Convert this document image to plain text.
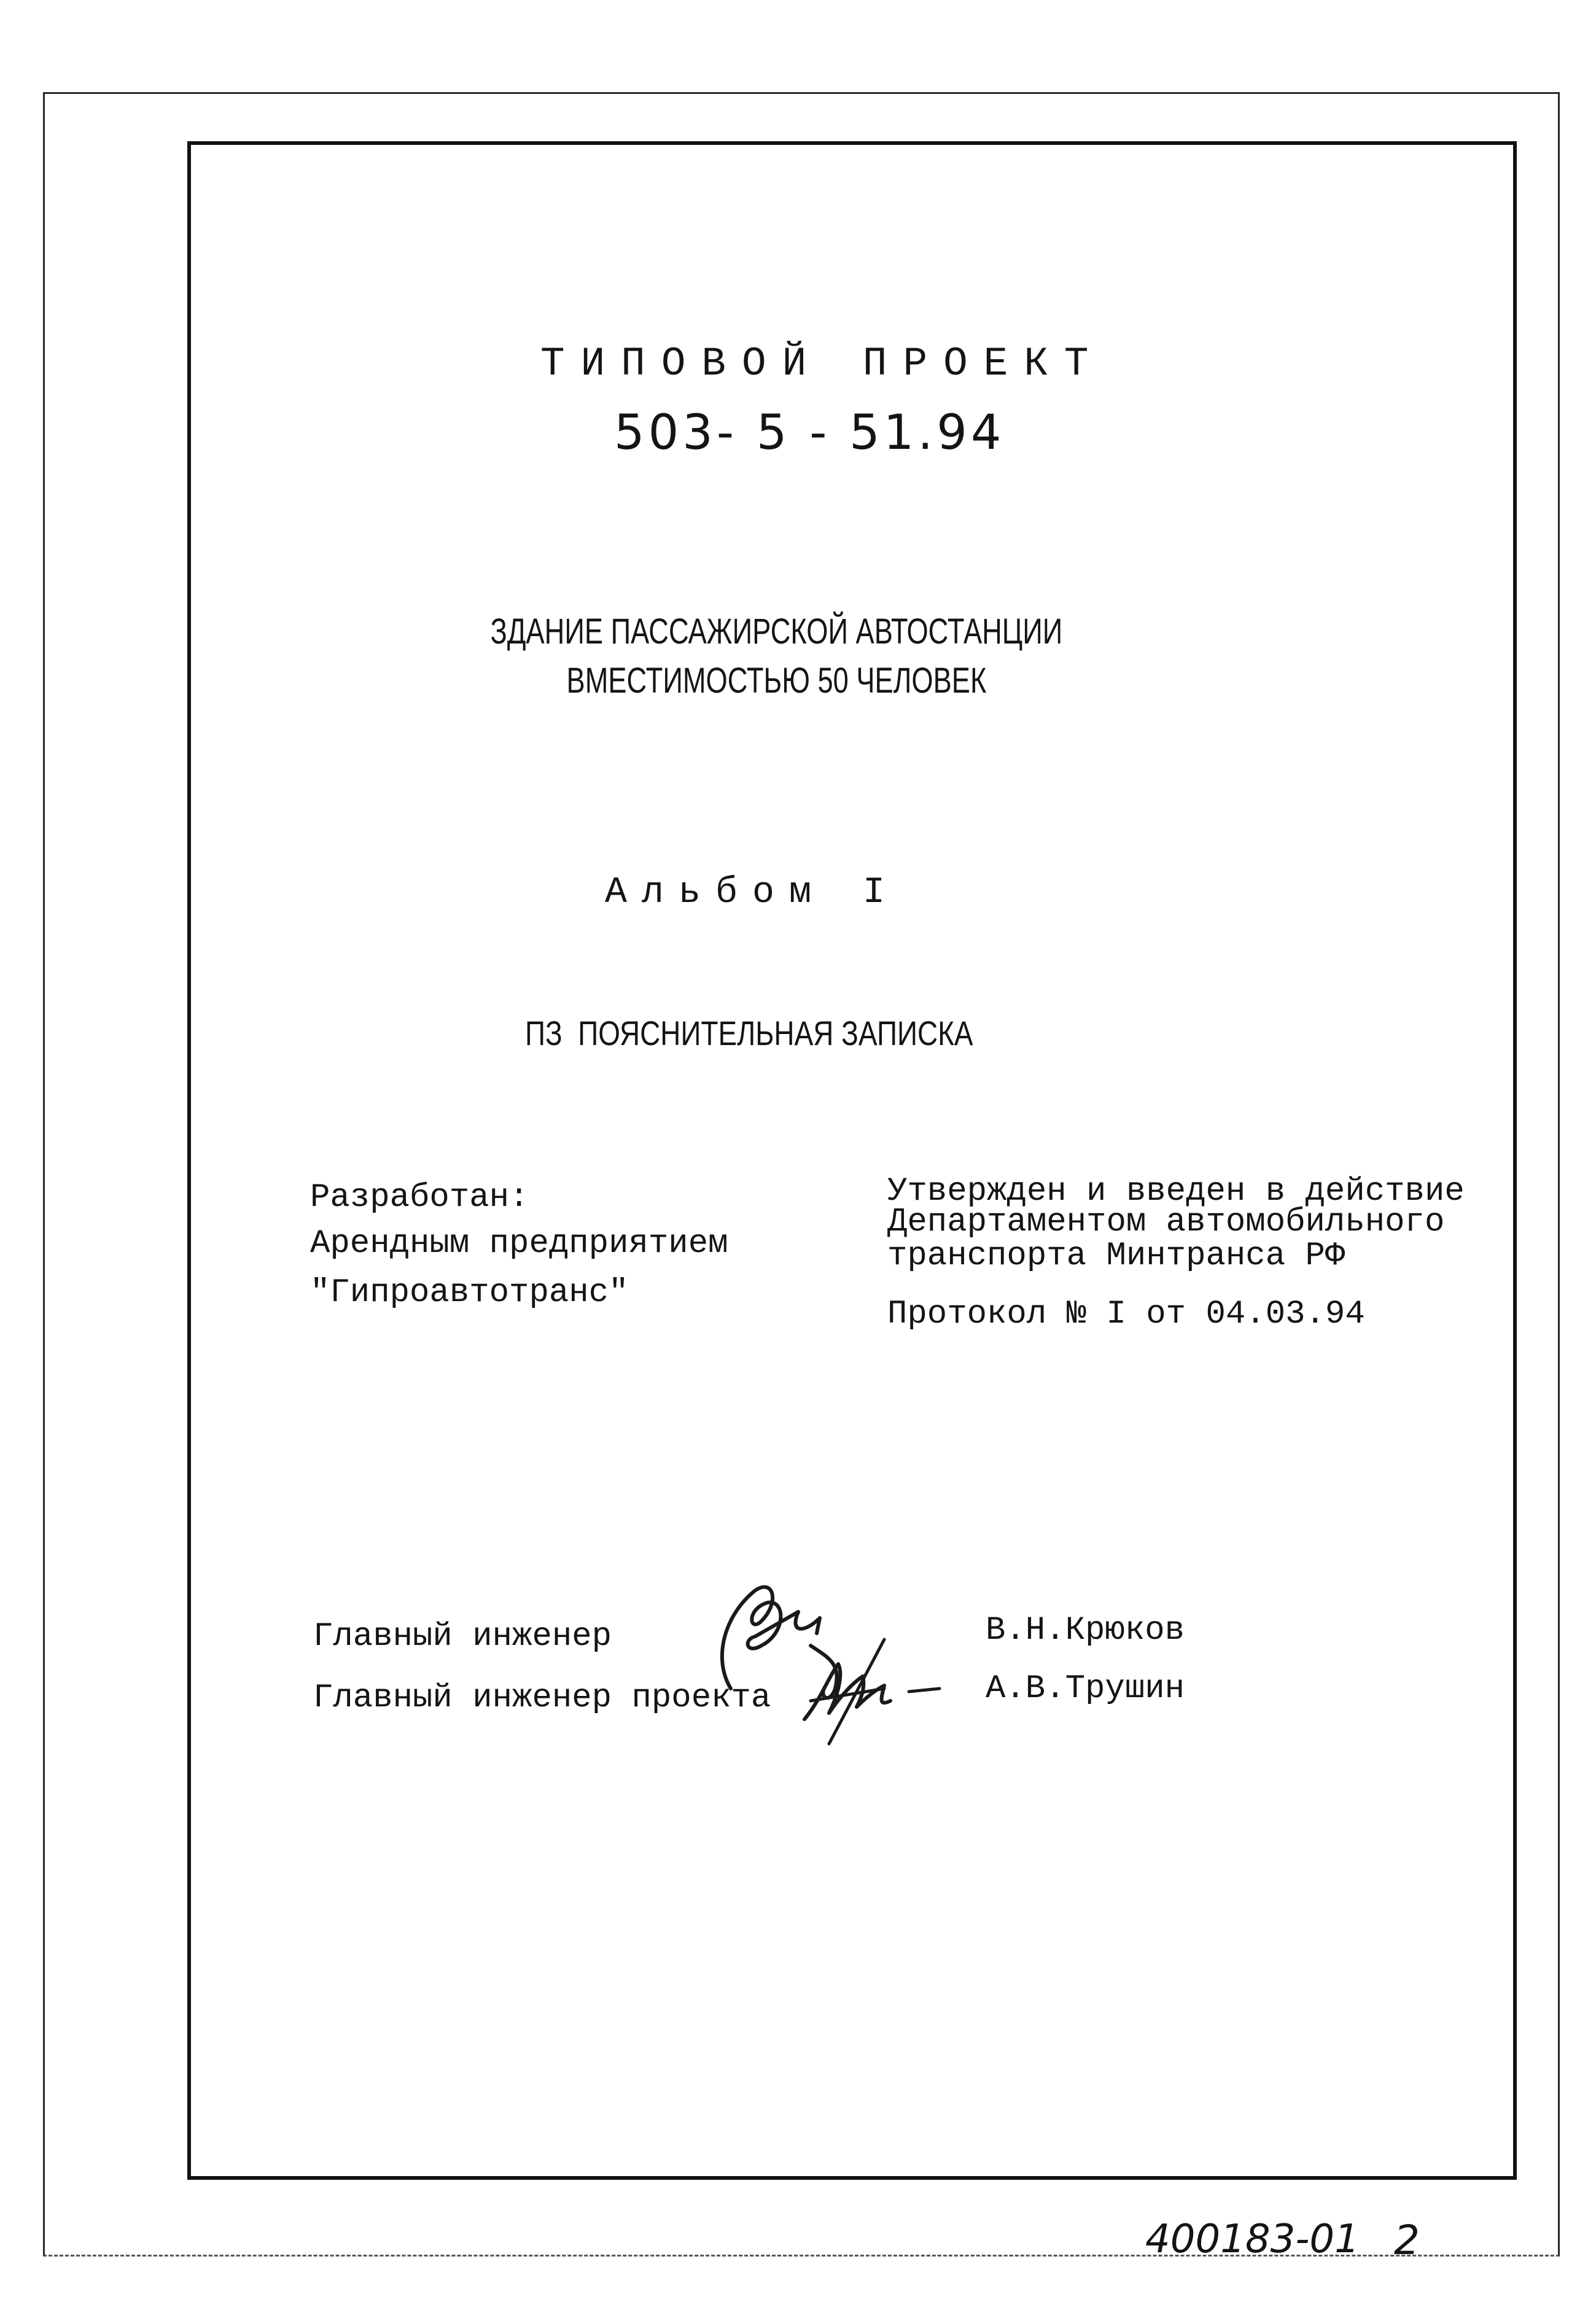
ТИПОВОЙ ПРОЕКТ
503- 5 - 51.94
ЗДАНИЕ ПАССАЖИРСКОЙ АВТОСТАНЦИИ
ВМЕСТИМОСТЬЮ 50 ЧЕЛОВЕК
Альбом I
ПЗ ПОЯСНИТЕЛЬНАЯ ЗАПИСКА
Разработан:
Арендным предприятием
"Гипроавтотранс"
Утвержден и введен в действие
Департаментом автомобильного
транспорта Минтранса РФ
Протокол № I от 04.03.94
Главный инженер	В.Н.Крюков
Главный инженер проекта	А.В.Трушин
400183-01 2
